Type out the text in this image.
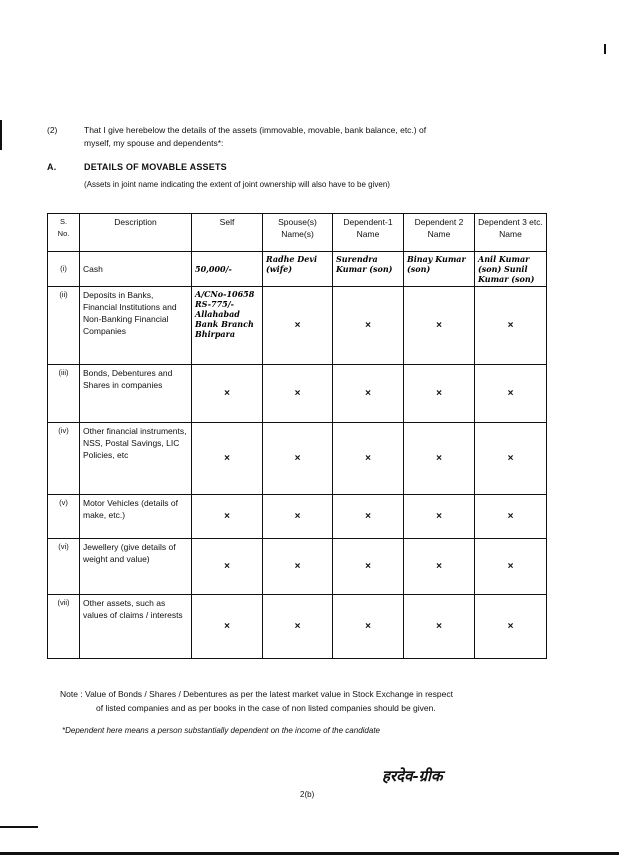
(2)	That I give herebelow the details of the assets (immovable, movable, bank balance, etc.) of
myself, my spouse and dependents*:
A.	DETAILS OF MOVABLE ASSETS
(Assets in joint name indicating the extent of joint ownership will also have to be given)
S.
No.	Description	Self	Spouse(s) Name(s)	Dependent-1 Name	Dependent 2 Name	Dependent 3 etc. Name
(i)	Cash	50,000/-	Radhe Devi (wife)	Surendra Kumar (son)	Binay Kumar (son)	Anil Kumar (son) Sunil Kumar (son)
(ii)	Deposits in Banks, Financial Institutions and Non-Banking Financial Companies	A/CNo-10658 RS-775/- Allahabad Bank Branch Bhirpara	×	×	×	×
(iii)	Bonds, Debentures and Shares in companies	×	×	×	×	×
(iv)	Other financial instruments, NSS, Postal Savings, LIC Policies, etc	×	×	×	×	×
(v)	Motor Vehicles (details of make, etc.)	×	×	×	×	×
(vi)	Jewellery (give details of weight and value)	×	×	×	×	×
(vii)	Other assets, such as values of claims / interests	×	×	×	×	×
Note : Value of Bonds / Shares / Debentures as per the latest market value in Stock Exchange in respect
of listed companies and as per books in the case of non listed companies should be given.
*Dependent here means a person substantially dependent on the income of the candidate
हरदेव-ग्रीक
2(b)
